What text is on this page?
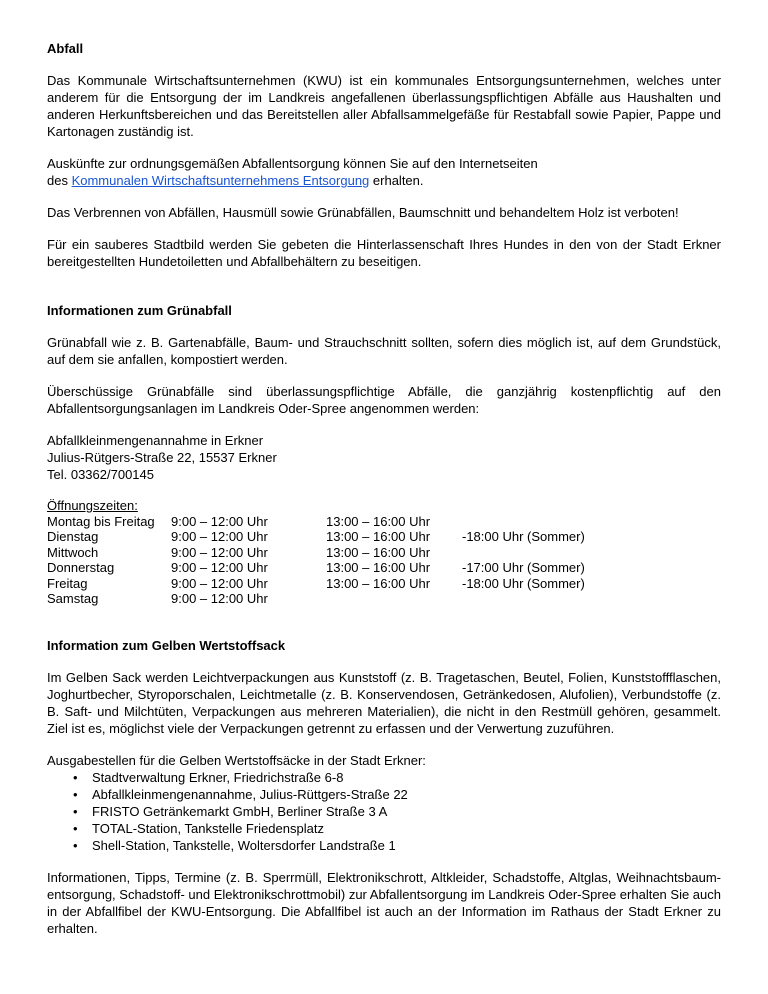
Abfall

Das Kommunale Wirtschaftsunternehmen (KWU) ist ein kommunales Entsorgungsunternehmen, welches unter anderem für die Entsorgung der im Landkreis angefallenen überlassungspflichtigen Abfälle aus Haushalten und anderen Herkunftsbereichen und das Bereitstellen aller Abfallsammelgefäße für Restabfall sowie Papier, Pappe und Kartonagen zuständig ist.

Auskünfte zur ordnungsgemäßen Abfallentsorgung können Sie auf den Internetseiten

des Kommunalen Wirtschaftsunternehmens Entsorgung erhalten.

Das Verbrennen von Abfällen, Hausmüll sowie Grünabfällen, Baumschnitt und behandeltem Holz ist verboten!

Für ein sauberes Stadtbild werden Sie gebeten die Hinterlassenschaft Ihres Hundes in den von der Stadt Erkner bereitgestellten Hundetoiletten und Abfallbehältern zu beseitigen.

Informationen zum Grünabfall

Grünabfall wie z. B. Gartenabfälle, Baum- und Strauchschnitt sollten, sofern dies möglich ist, auf dem Grundstück, auf dem sie anfallen, kompostiert werden.

Überschüssige Grünabfälle sind überlassungspflichtige Abfälle, die ganzjährig kostenpflichtig auf den Abfallentsorgungsanlagen im Landkreis Oder-Spree angenommen werden:

Abfallkleinmengenannahme in Erkner

Julius-Rütgers-Straße 22, 15537 Erkner

Tel. 03362/700145

Öffnungszeiten:			
Montag bis Freitag	9:00 – 12:00 Uhr	13:00 – 16:00 Uhr	
Dienstag	9:00 – 12:00 Uhr	13:00 – 16:00 Uhr	-18:00 Uhr (Sommer)
Mittwoch	9:00 – 12:00 Uhr	13:00 – 16:00 Uhr	
Donnerstag	9:00 – 12:00 Uhr	13:00 – 16:00 Uhr	-17:00 Uhr (Sommer)
Freitag	9:00 – 12:00 Uhr	13:00 – 16:00 Uhr	-18:00 Uhr (Sommer)
Samstag	9:00 – 12:00 Uhr		
Information zum Gelben Wertstoffsack

Im Gelben Sack werden Leichtverpackungen aus Kunststoff (z. B. Tragetaschen, Beutel, Folien, Kunststoffflaschen, Joghurtbecher, Styroporschalen, Leichtmetalle (z. B. Konservendosen, Getränkedosen, Alufolien), Verbundstoffe (z. B. Saft- und Milchtüten, Verpackungen aus mehreren Materialien), die nicht in den Restmüll gehören, gesammelt. Ziel ist es, möglichst viele der Verpackungen getrennt zu erfassen und der Verwertung zuzuführen.

Ausgabestellen für die Gelben Wertstoffsäcke in der Stadt Erkner:

• Stadtverwaltung Erkner, Friedrichstraße 6-8
• Abfallkleinmengenannahme, Julius-Rüttgers-Straße 22
• FRISTO Getränkemarkt GmbH, Berliner Straße 3 A
• TOTAL-Station, Tankstelle Friedensplatz
• Shell-Station, Tankstelle, Woltersdorfer Landstraße 1

Informationen, Tipps, Termine (z. B. Sperrmüll, Elektronikschrott, Altkleider, Schadstoffe, Altglas, Weihnachtsbaum-entsorgung, Schadstoff- und Elektronikschrottmobil) zur Abfallentsorgung im Landkreis Oder-Spree erhalten Sie auch in der Abfallfibel der KWU-Entsorgung. Die Abfallfibel ist auch an der Information im Rathaus der Stadt Erkner zu erhalten.
